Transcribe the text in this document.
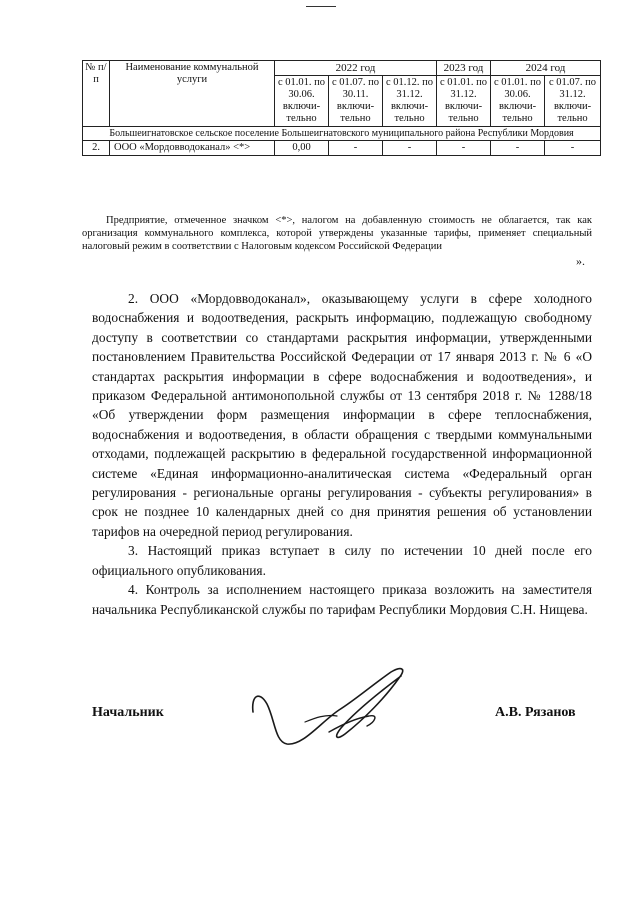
№ п/п	Наименование коммунальной услуги	2022 год			2023 год	2024 год	
		с 01.01. по 30.06. включи- тельно	с 01.07. по 30.11. включи- тельно	с 01.12. по 31.12. включи- тельно	с 01.01. по 31.12. включи- тельно	с 01.01. по 30.06. включи- тельно	с 01.07. по 31.12. включи- тельно
Большеигнатовское сельское поселение Большеигнатовского муниципального района Республики Мордовия							
2.	ООО «Мордовводоканал» <*>	0,00	-	-	-	-	-
Предприятие, отмеченное значком <*>, налогом на добавленную стоимость не облагается, так как организация коммунального комплекса, которой утверждены указанные тарифы, применяет специальный налоговый режим в соответствии с Налоговым кодексом Российской Федерации
».

2. ООО «Мордовводоканал», оказывающему услуги в сфере холодного водоснабжения и водоотведения, раскрыть информацию, подлежащую свободному доступу в соответствии со стандартами раскрытия информации, утвержденными постановлением Правительства Российской Федерации от 17 января 2013 г. № 6 «О стандартах раскрытия информации в сфере водоснабжения и водоотведения», и приказом Федеральной антимонопольной службы от 13 сентября 2018 г. № 1288/18 «Об утверждении форм размещения информации в сфере теплоснабжения, водоснабжения и водоотведения, в области обращения с твердыми коммунальными отходами, подлежащей раскрытию в федеральной государственной информационной системе «Единая информационно-аналитическая система «Федеральный орган регулирования - региональные органы регулирования - субъекты регулирования» в срок не позднее 10 календарных дней со дня принятия решения об установлении тарифов на очередной период регулирования.

3. Настоящий приказ вступает в силу по истечении 10 дней после его официального опубликования.

4. Контроль за исполнением настоящего приказа возложить на заместителя начальника Республиканской службы по тарифам Республики Мордовия С.Н. Нищева.

Начальник	А.В. Рязанов
